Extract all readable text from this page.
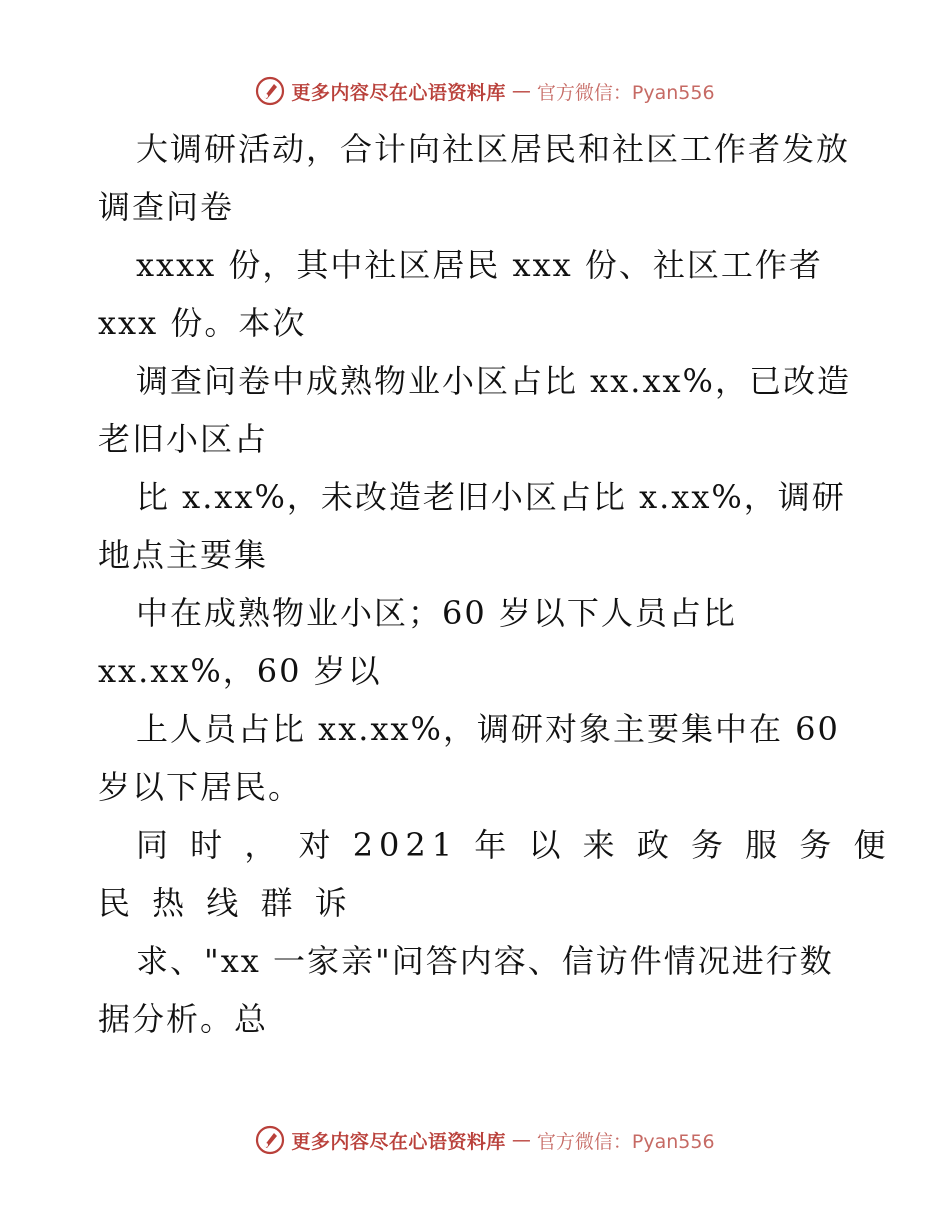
更多内容尽在心语资料库 — 官方微信：Pyan556
大调研活动，合计向社区居民和社区工作者发放
调查问卷
xxxx 份，其中社区居民 xxx 份、社区工作者
xxx 份。本次
调查问卷中成熟物业小区占比 xx.xx%，已改造
老旧小区占
比 x.xx%，未改造老旧小区占比 x.xx%，调研
地点主要集
中在成熟物业小区；60 岁以下人员占比
xx.xx%，60 岁以
上人员占比 xx.xx%，调研对象主要集中在 60
岁以下居民。
同 时 ， 对 2021 年 以 来 政 务 服 务 便
民 热 线 群 诉
求、"xx 一家亲"问答内容、信访件情况进行数
据分析。总
更多内容尽在心语资料库 — 官方微信：Pyan556
